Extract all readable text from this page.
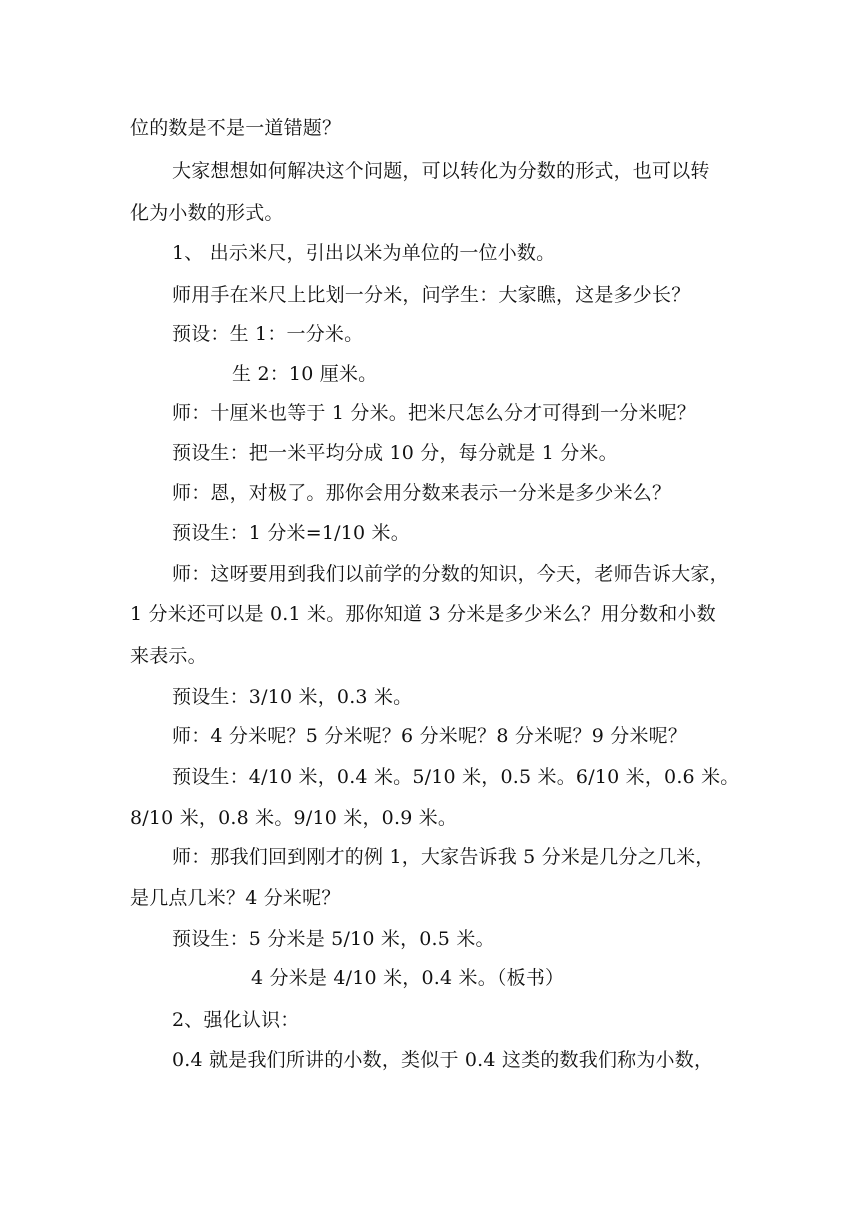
位的数是不是一道错题？
大家想想如何解决这个问题，可以转化为分数的形式，也可以转
化为小数的形式。
1、 出示米尺，引出以米为单位的一位小数。
师用手在米尺上比划一分米，问学生：大家瞧，这是多少长？
预设：生 1：一分米。
生 2：10 厘米。
师：十厘米也等于 1 分米。把米尺怎么分才可得到一分米呢？
预设生：把一米平均分成 10 分，每分就是 1 分米。
师：恩，对极了。那你会用分数来表示一分米是多少米么？
预设生：1 分米=1/10 米。
师：这呀要用到我们以前学的分数的知识，今天，老师告诉大家，
1 分米还可以是 0.1 米。那你知道 3 分米是多少米么？用分数和小数
来表示。
预设生：3/10 米，0.3 米。
师：4 分米呢？5 分米呢？6 分米呢？8 分米呢？9 分米呢？
预设生：4/10 米，0.4 米。5/10 米，0.5 米。6/10 米，0.6 米。
8/10 米，0.8 米。9/10 米，0.9 米。
师：那我们回到刚才的例 1，大家告诉我 5 分米是几分之几米，
是几点几米？4 分米呢？
预设生：5 分米是 5/10 米，0.5 米。
4 分米是 4/10 米，0.4 米。（板书）
2、强化认识：
0.4 就是我们所讲的小数，类似于 0.4 这类的数我们称为小数，
